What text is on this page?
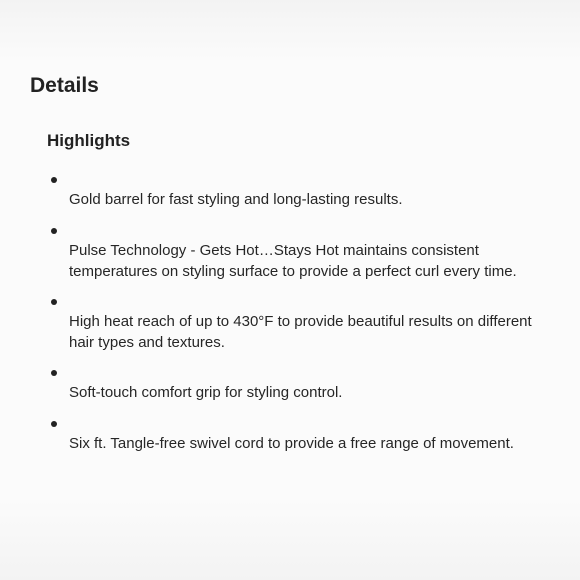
Details
Highlights
Gold barrel for fast styling and long-lasting results.
Pulse Technology - Gets Hot…Stays Hot maintains consistent temperatures on styling surface to provide a perfect curl every time.
High heat reach of up to 430°F to provide beautiful results on different hair types and textures.
Soft-touch comfort grip for styling control.
Six ft. Tangle-free swivel cord to provide a free range of movement.
